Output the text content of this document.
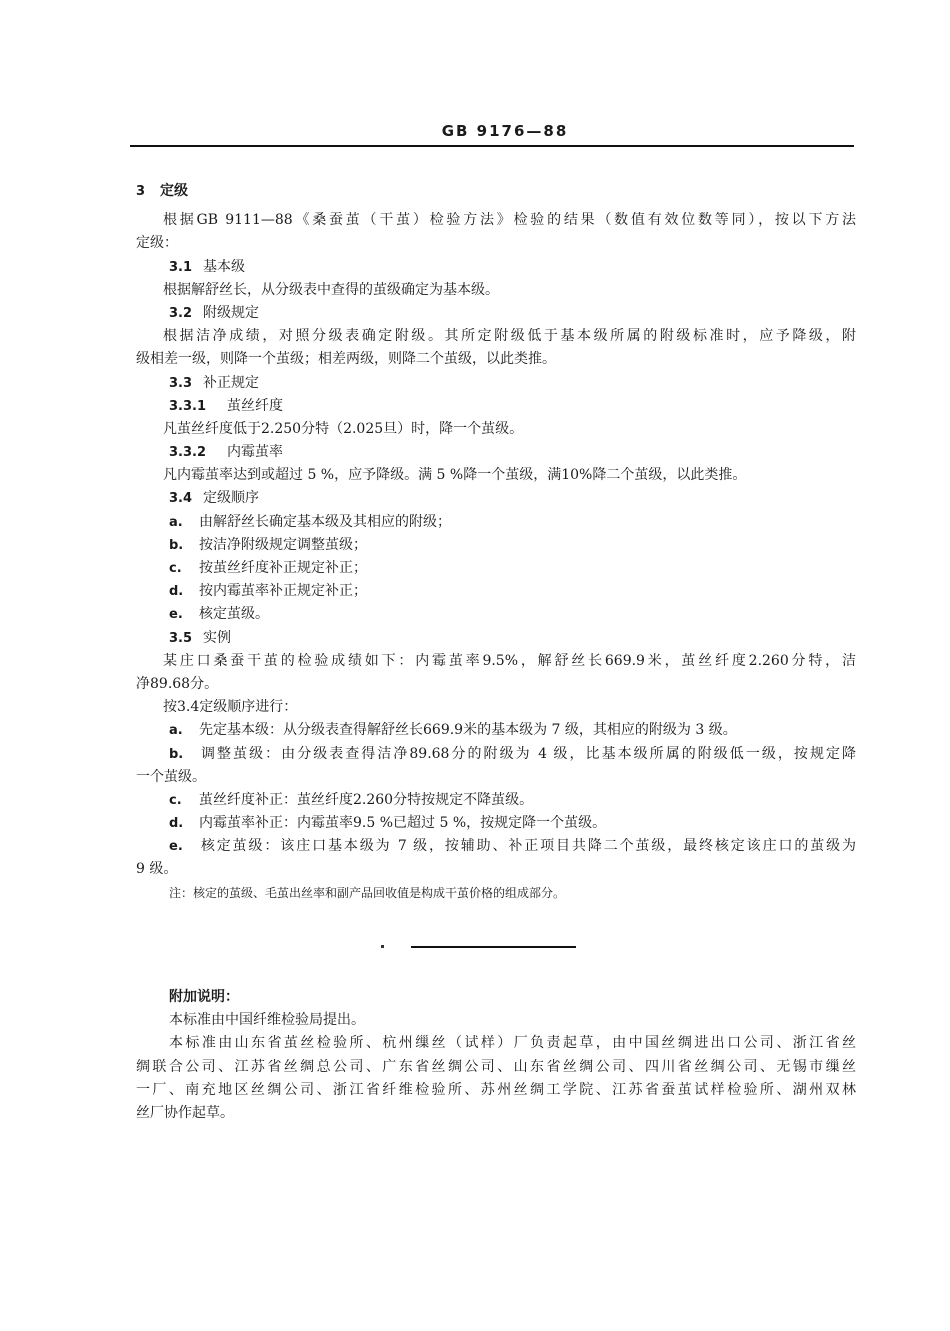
GB 9176—88
3 定级
根据GB 9111—88《桑蚕茧（干茧）检验方法》检验的结果（数值有效位数等同），按以下方法
定级：
3.1 基本级
根据解舒丝长，从分级表中查得的茧级确定为基本级。
3.2 附级规定
根据洁净成绩，对照分级表确定附级。其所定附级低于基本级所属的附级标准时，应予降级，附
级相差一级，则降一个茧级；相差两级，则降二个茧级，以此类推。
3.3 补正规定
3.3.1 茧丝纤度
凡茧丝纤度低于2.250分特（2.025旦）时，降一个茧级。
3.3.2 内霉茧率
凡内霉茧率达到或超过 5 %，应予降级。满 5 %降一个茧级，满10%降二个茧级，以此类推。
3.4 定级顺序
a. 由解舒丝长确定基本级及其相应的附级；
b. 按洁净附级规定调整茧级；
c. 按茧丝纤度补正规定补正；
d. 按内霉茧率补正规定补正；
e. 核定茧级。
3.5 实例
某庄口桑蚕干茧的检验成绩如下：内霉茧率9.5%，解舒丝长669.9米，茧丝纤度2.260分特，洁
净89.68分。
按3.4定级顺序进行：
a. 先定基本级：从分级表查得解舒丝长669.9米的基本级为 7 级，其相应的附级为 3 级。
b. 调整茧级：由分级表查得洁净89.68分的附级为 4 级，比基本级所属的附级低一级，按规定降
一个茧级。
c. 茧丝纤度补正：茧丝纤度2.260分特按规定不降茧级。
d. 内霉茧率补正：内霉茧率9.5 %已超过 5 %，按规定降一个茧级。
e. 核定茧级：该庄口基本级为 7 级，按辅助、补正项目共降二个茧级，最终核定该庄口的茧级为
9 级。
注：核定的茧级、毛茧出丝率和副产品回收值是构成干茧价格的组成部分。
附加说明：
本标准由中国纤维检验局提出。
本标准由山东省茧丝检验所、杭州缫丝（试样）厂负责起草，由中国丝绸进出口公司、浙江省丝
绸联合公司、江苏省丝绸总公司、广东省丝绸公司、山东省丝绸公司、四川省丝绸公司、无锡市缫丝
一厂、南充地区丝绸公司、浙江省纤维检验所、苏州丝绸工学院、江苏省蚕茧试样检验所、湖州双林
丝厂协作起草。
